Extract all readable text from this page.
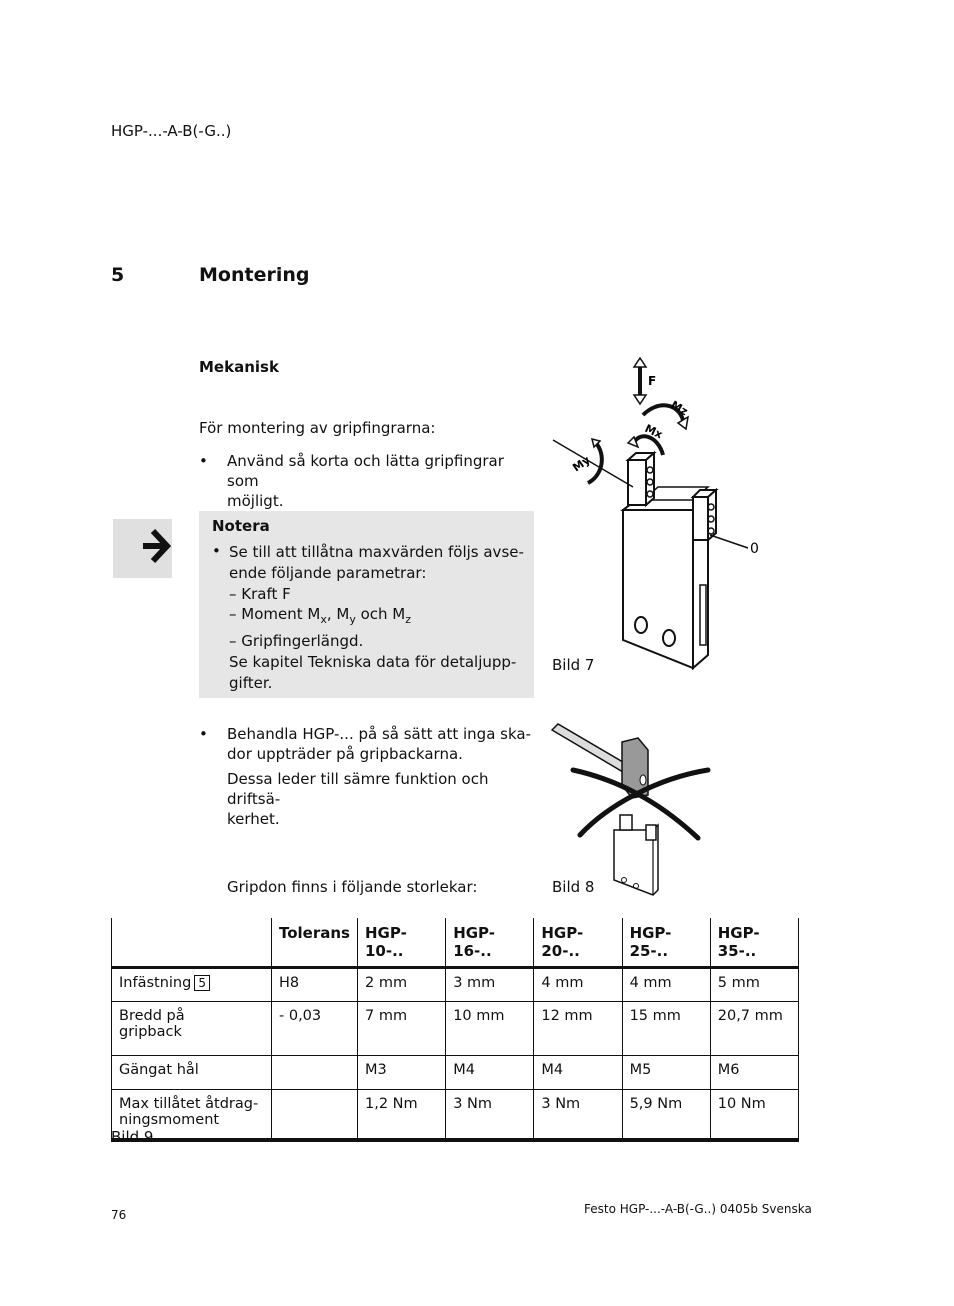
HGP-...-A-B(-G..)
5	Montering
Mekanisk
För montering av gripfingrarna:
• Använd så korta och lätta gripfingrar som
möjligt.
Notera
• Se till att tillåtna maxvärden följs avse-
ende följande parametrar:
– Kraft F
– Moment $M_x$, $M_y$ och $M_z$
– Gripfingerlängd.
Se kapitel Tekniska data för detaljupp-
gifter.
• Behandla HGP-... på så sätt att inga ska-
dor uppträder på gripbackarna.
Dessa leder till sämre funktion och driftsä-
kerhet.
Gripdon finns i följande storlekar:
0
F
Mz
Mx
My
Bild 7
Bild 8
	Tolerans	HGP-10-..	HGP-16-..	HGP-20-..	HGP-25-..	HGP-35-..
Infästning 5	H8	2 mm	3 mm	4 mm	4 mm	5 mm

Bredd på
gripback	- 0,03	7 mm	10 mm	12 mm	15 mm	20,7 mm
Gängat hål		M3	M4	M4	M5	M6

Max tillåtet åtdrag-
ningsmoment		1,2 Nm	3 Nm	3 Nm	5,9 Nm	10 Nm
Bild 9
76	Festo HGP-...-A-B(-G..) 0405b Svenska
